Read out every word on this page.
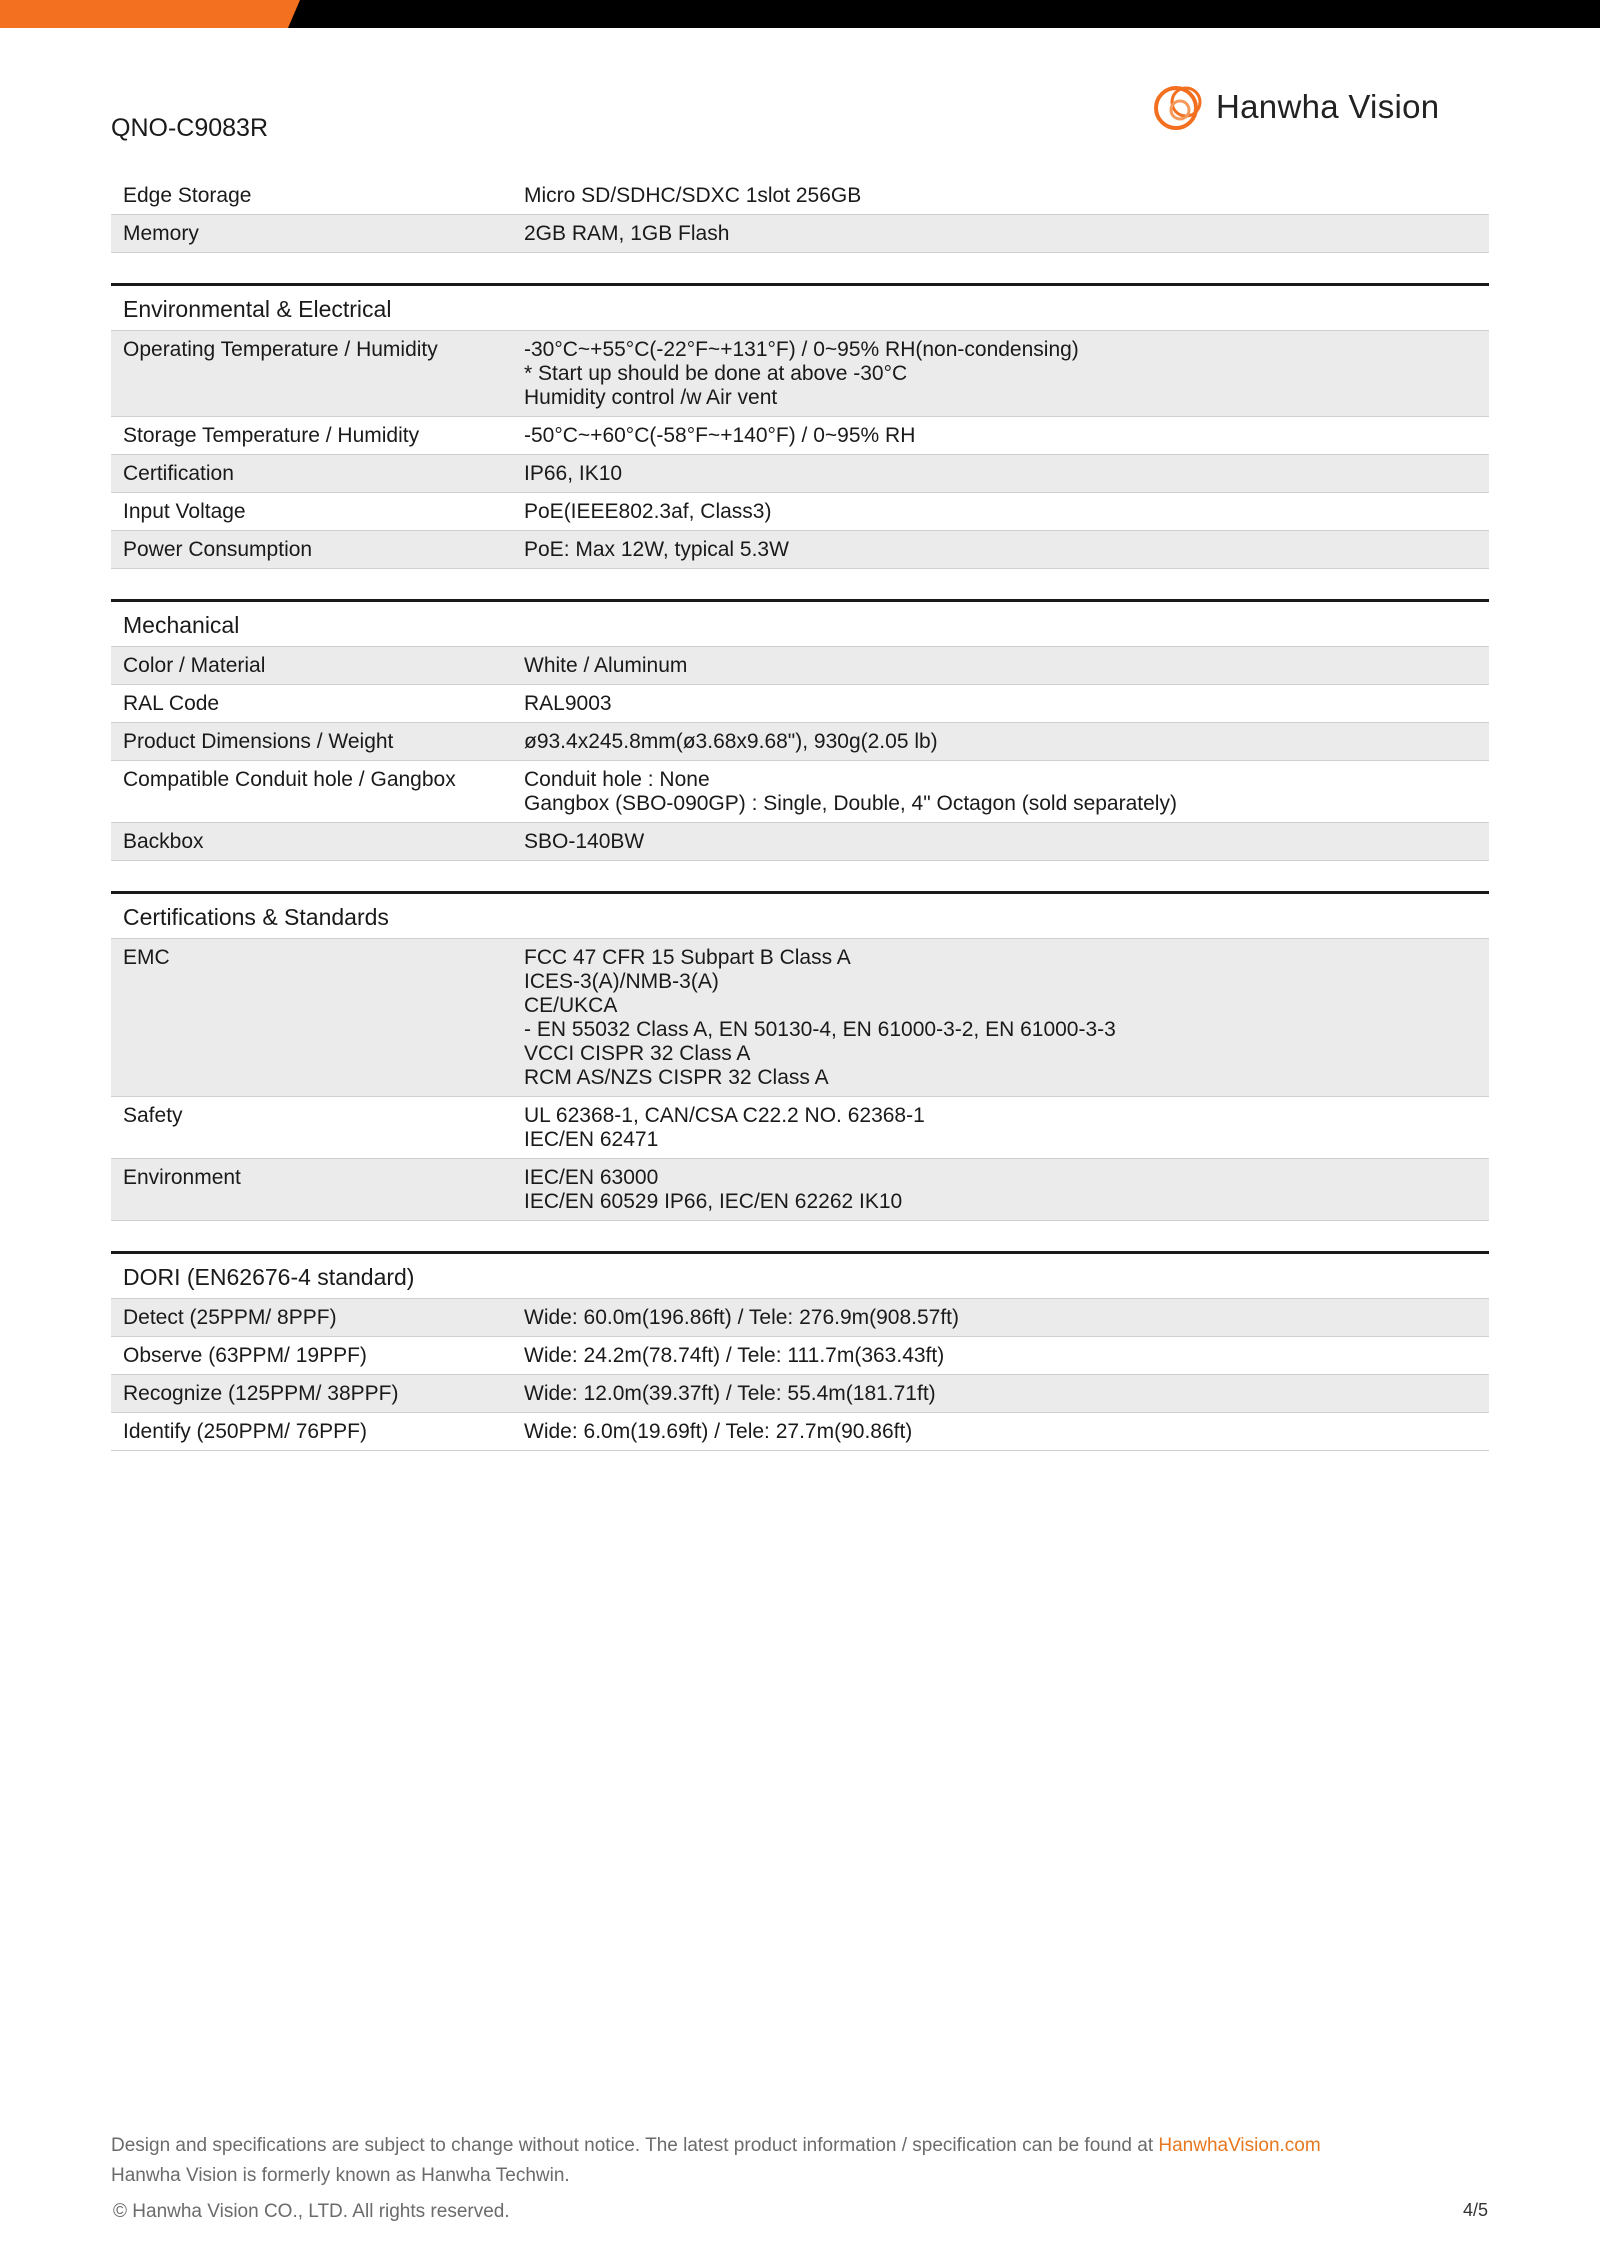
QNO-C9083R
Hanwha Vision
Edge Storage	Micro SD/SDHC/SDXC 1slot 256GB
Memory	2GB RAM, 1GB Flash
Environmental & Electrical
Operating Temperature / Humidity	-30°C~+55°C(-22°F~+131°F) / 0~95% RH(non-condensing)
* Start up should be done at above -30°C
Humidity control /w Air vent
Storage Temperature / Humidity	-50°C~+60°C(-58°F~+140°F) / 0~95% RH
Certification	IP66, IK10
Input Voltage	PoE(IEEE802.3af, Class3)
Power Consumption	PoE: Max 12W, typical 5.3W
Mechanical
Color / Material	White / Aluminum
RAL Code	RAL9003
Product Dimensions / Weight	ø93.4x245.8mm(ø3.68x9.68"), 930g(2.05 lb)
Compatible Conduit hole / Gangbox	Conduit hole : None
Gangbox (SBO-090GP) : Single, Double, 4" Octagon (sold separately)
Backbox	SBO-140BW
Certifications & Standards
EMC	FCC 47 CFR 15 Subpart B Class A
ICES-3(A)/NMB-3(A)
CE/UKCA
- EN 55032 Class A, EN 50130-4, EN 61000-3-2, EN 61000-3-3
VCCI CISPR 32 Class A
RCM AS/NZS CISPR 32 Class A
Safety	UL 62368-1, CAN/CSA C22.2 NO. 62368-1
IEC/EN 62471
Environment	IEC/EN 63000
IEC/EN 60529 IP66, IEC/EN 62262 IK10
DORI (EN62676-4 standard)
Detect (25PPM/ 8PPF)	Wide: 60.0m(196.86ft) / Tele: 276.9m(908.57ft)
Observe (63PPM/ 19PPF)	Wide: 24.2m(78.74ft) / Tele: 111.7m(363.43ft)
Recognize (125PPM/ 38PPF)	Wide: 12.0m(39.37ft) / Tele: 55.4m(181.71ft)
Identify (250PPM/ 76PPF)	Wide: 6.0m(19.69ft) / Tele: 27.7m(90.86ft)
Design and specifications are subject to change without notice. The latest product information / specification can be found at HanwhaVision.com
Hanwha Vision is formerly known as Hanwha Techwin.
© Hanwha Vision CO., LTD. All rights reserved.	4/5
